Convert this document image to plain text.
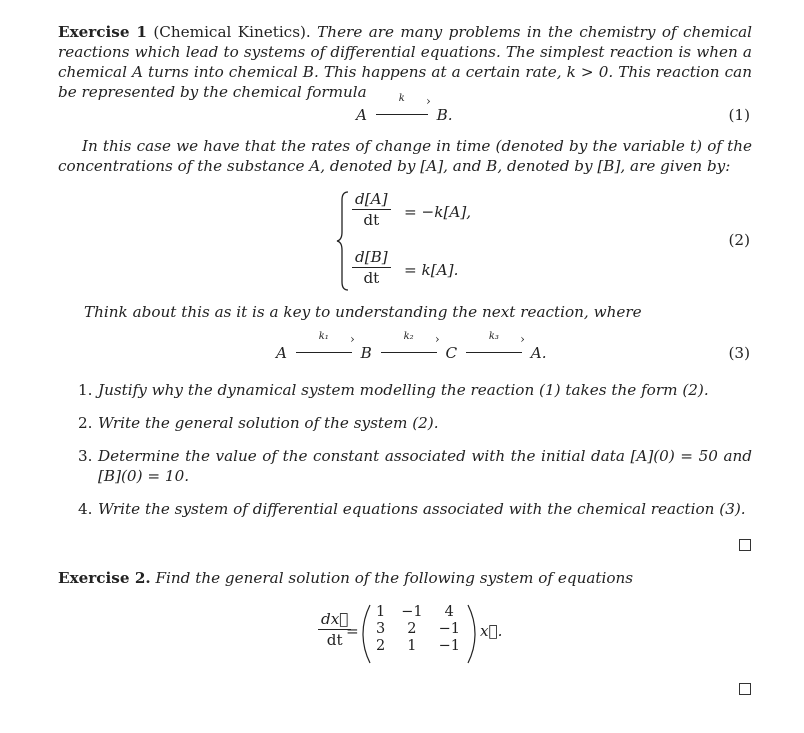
Exercise 1 (Chemical Kinetics). There are many problems in the chemistry of chemical reactions which lead to systems of differential equations. The simplest reaction is when a chemical A turns into chemical B. This happens at a certain rate, k > 0. This reaction can be represented by the chemical formula
A
k	›
B.	(1)
In this case we have that the rates of change in time (denoted by the variable t) of the concentrations of the substance A, denoted by [A], and B, denoted by [B], are given by:
$\frac{d[A]}{dt} = -k[A]$,
$\frac{d[B]}{dt} = k[A]$.
(2)
Think about this as it is a key to understanding the next reaction, where
A
k₁	›
B
k₂	›
C
k₃	›
A.	(3)
1. Justify why the dynamical system modelling the reaction (1) takes the form (2).
2. Write the general solution of the system (2).
3. Determine the value of the constant associated with the initial data [A](0) = 50 and [B](0) = 10.
4. Write the system of differential equations associated with the chemical reaction (3).
Exercise 2. Find the general solution of the following system of equations
$\frac{dx⃗}{dt}$
=
1	−1	4
3	2	−1
2	1	−1
x⃗.
